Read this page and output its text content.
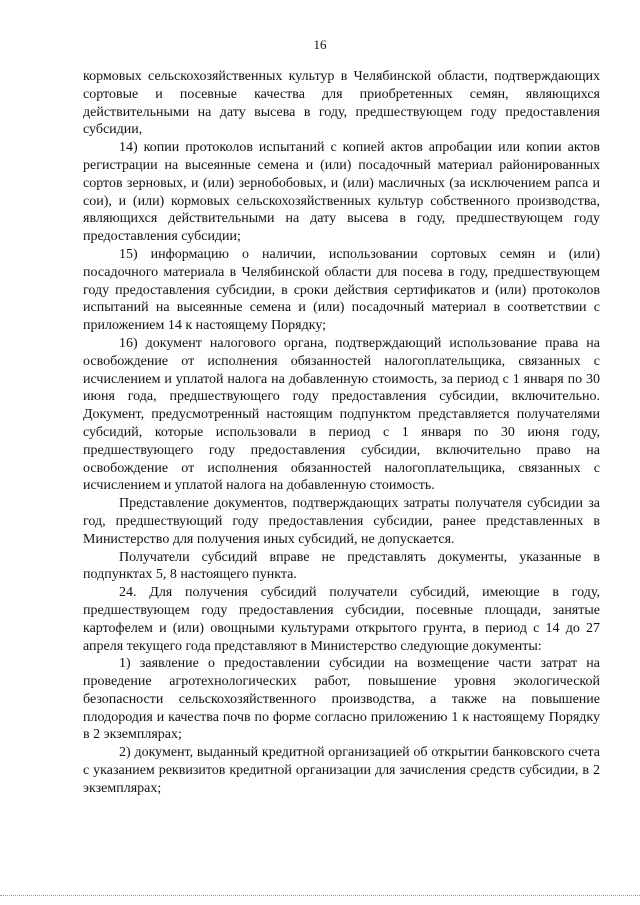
16

кормовых сельскохозяйственных культур в Челябинской области, подтверждающих сортовые и посевные качества для приобретенных семян, являющихся действительными на дату высева в году, предшествующем году предоставления субсидии,

14) копии протоколов испытаний с копией актов апробации или копии актов регистрации на высеянные семена и (или) посадочный материал районированных сортов зерновых, и (или) зернобобовых, и (или) масличных (за исключением рапса и сои), и (или) кормовых сельскохозяйственных культур собственного производства, являющихся действительными на дату высева в году, предшествующем году предоставления субсидии;

15) информацию о наличии, использовании сортовых семян и (или) посадочного материала в Челябинской области для посева в году, предшествующем году предоставления субсидии, в сроки действия сертификатов и (или) протоколов испытаний на высеянные семена и (или) посадочный материал в соответствии с приложением 14 к настоящему Порядку;

16) документ налогового органа, подтверждающий использование права на освобождение от исполнения обязанностей налогоплательщика, связанных с исчислением и уплатой налога на добавленную стоимость, за период с 1 января по 30 июня года, предшествующего году предоставления субсидии, включительно. Документ, предусмотренный настоящим подпунктом представляется получателями субсидий, которые использовали в период с 1 января по 30 июня году, предшествующего году предоставления субсидии, включительно право на освобождение от исполнения обязанностей налогоплательщика, связанных с исчислением и уплатой налога на добавленную стоимость.

Представление документов, подтверждающих затраты получателя субсидии за год, предшествующий году предоставления субсидии, ранее представленных в Министерство для получения иных субсидий, не допускается.

Получатели субсидий вправе не представлять документы, указанные в подпунктах 5, 8 настоящего пункта.

24. Для получения субсидий получатели субсидий, имеющие в году, предшествующем году предоставления субсидии, посевные площади, занятые картофелем и (или) овощными культурами открытого грунта, в период с 14 до 27 апреля текущего года представляют в Министерство следующие документы:

1) заявление о предоставлении субсидии на возмещение части затрат на проведение агротехнологических работ, повышение уровня экологической безопасности сельскохозяйственного производства, а также на повышение плодородия и качества почв по форме согласно приложению 1 к настоящему Порядку в 2 экземплярах;

2) документ, выданный кредитной организацией об открытии банковского счета с указанием реквизитов кредитной организации для зачисления средств субсидии, в 2 экземплярах;
